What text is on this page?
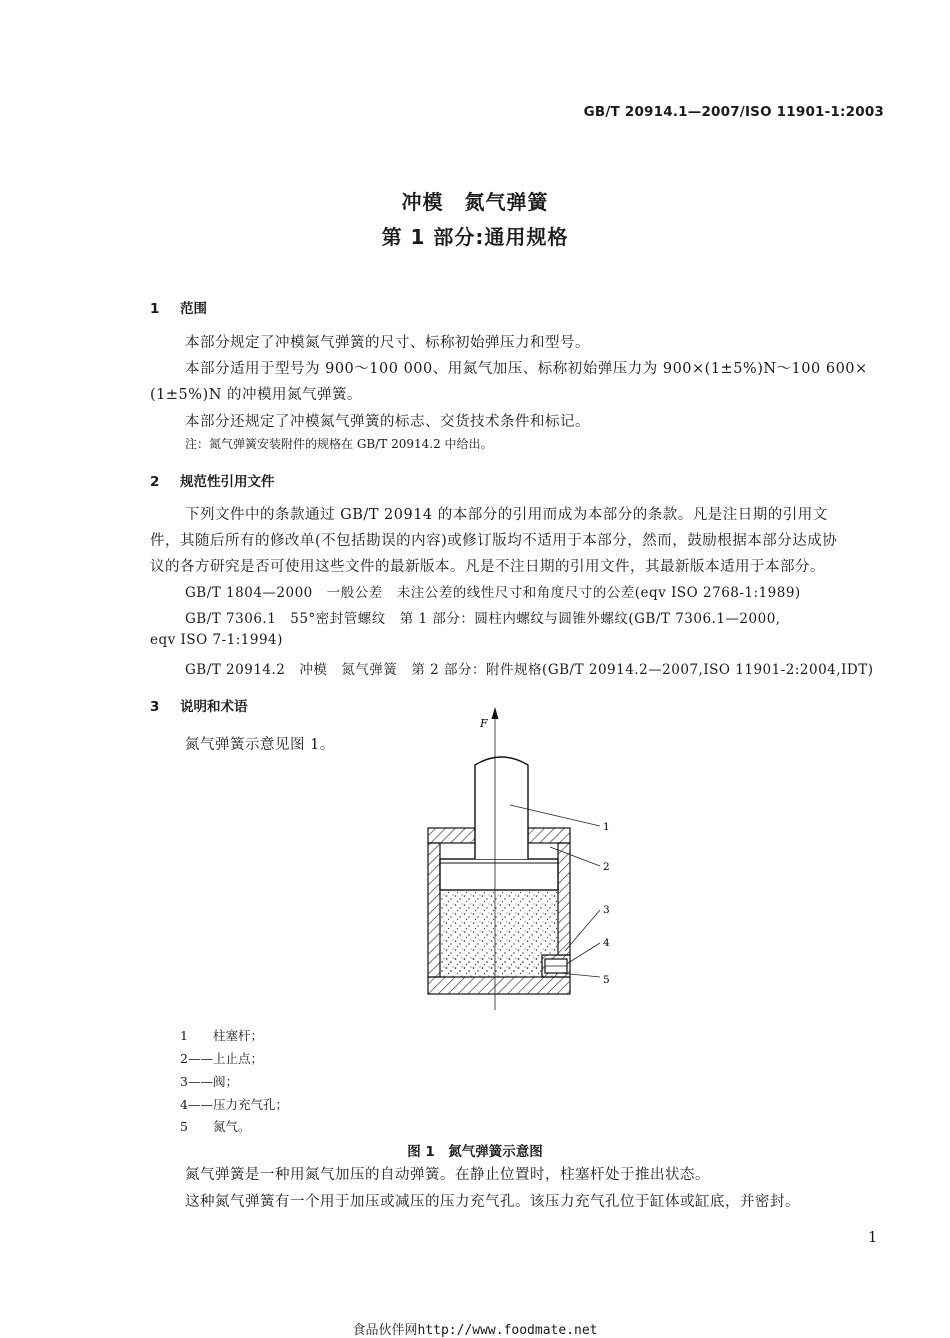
GB/T 20914.1—2007/ISO 11901-1:2003
冲模　氮气弹簧
第 1 部分:通用规格
1 范围
本部分规定了冲模氮气弹簧的尺寸、标称初始弹压力和型号。
本部分适用于型号为 900～100 000、用氮气加压、标称初始弹压力为 900×(1±5%)N～100 600×
(1±5%)N 的冲模用氮气弹簧。
本部分还规定了冲模氮气弹簧的标志、交货技术条件和标记。
注：氮气弹簧安装附件的规格在 GB/T 20914.2 中给出。
2 规范性引用文件
下列文件中的条款通过 GB/T 20914 的本部分的引用而成为本部分的条款。凡是注日期的引用文
件，其随后所有的修改单(不包括勘误的内容)或修订版均不适用于本部分，然而，鼓励根据本部分达成协
议的各方研究是否可使用这些文件的最新版本。凡是不注日期的引用文件，其最新版本适用于本部分。
GB/T 1804—2000　一般公差　未注公差的线性尺寸和角度尺寸的公差(eqv ISO 2768-1:1989)
GB/T 7306.1　55°密封管螺纹　第 1 部分：圆柱内螺纹与圆锥外螺纹(GB/T 7306.1—2000,
eqv ISO 7-1:1994)
GB/T 20914.2　冲模　氮气弹簧　第 2 部分：附件规格(GB/T 20914.2—2007,ISO 11901-2:2004,IDT)
3 说明和术语
氮气弹簧示意见图 1。
F
1
2
3
4
5
1　　柱塞杆；
2——上止点；
3——阀；
4——压力充气孔；
5　　氮气。
图 1　氮气弹簧示意图
氮气弹簧是一种用氮气加压的自动弹簧。在静止位置时，柱塞杆处于推出状态。
这种氮气弹簧有一个用于加压或减压的压力充气孔。该压力充气孔位于缸体或缸底，并密封。
1
食品伙伴网http://www.foodmate.net
